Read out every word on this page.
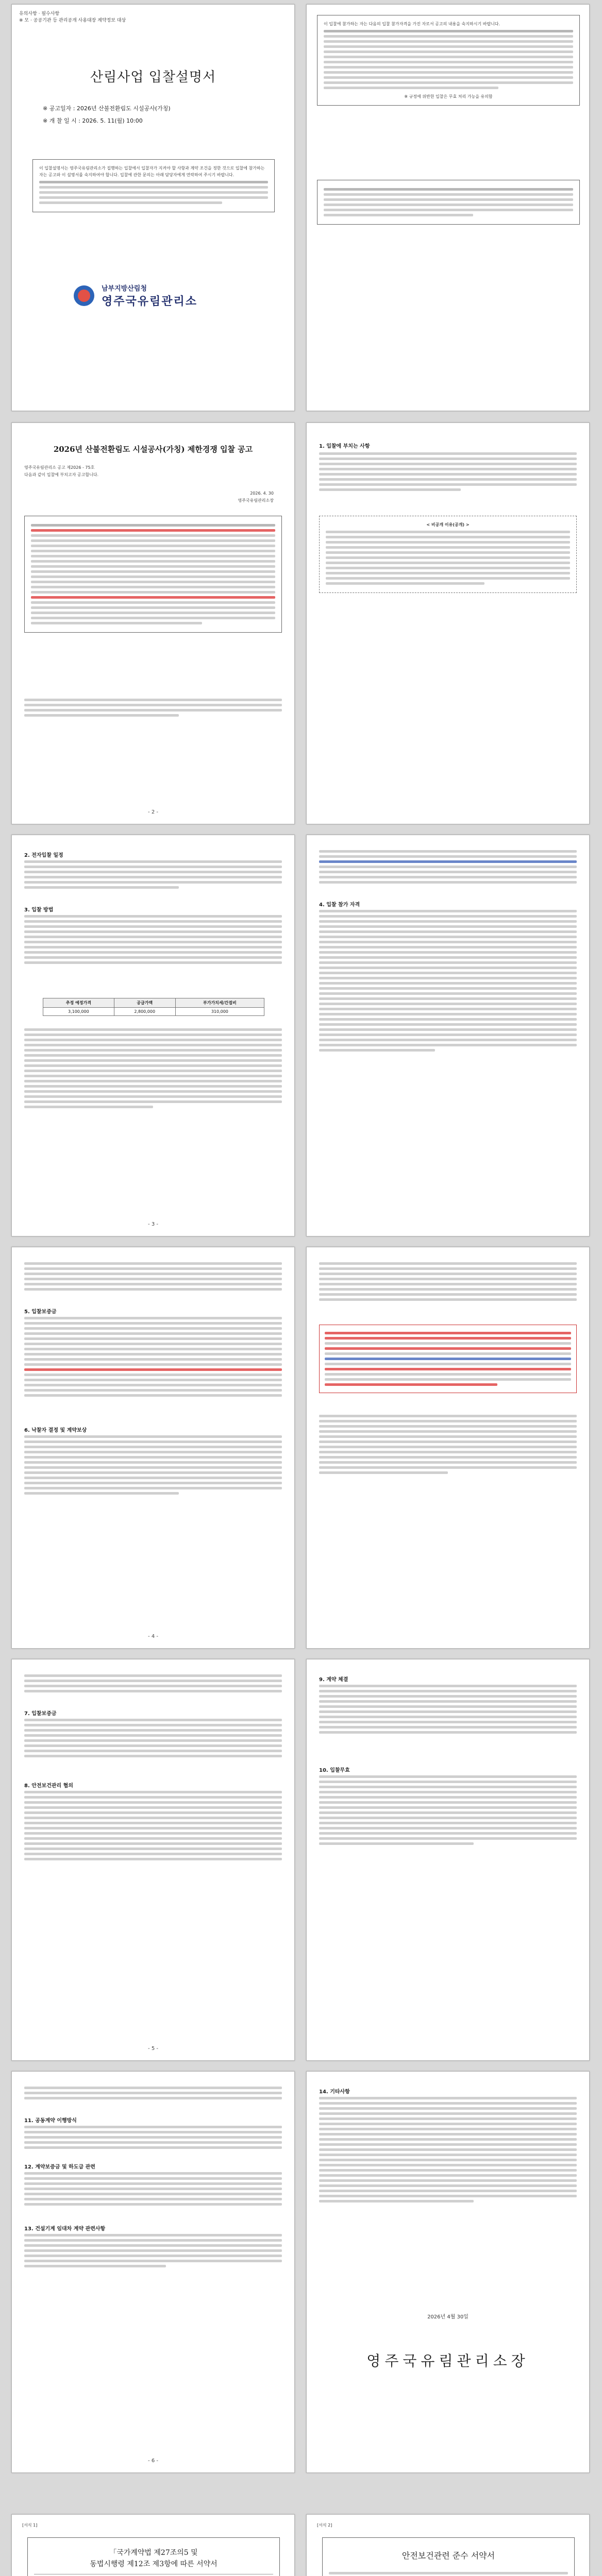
유의사항 · 필수사항
※ 모 · 공공기관 등 관리공개 사용대장 계약정보 대상
산림사업 입찰설명서
※ 공고일자 : 2026년 산불전환림도 시설공사(가칭)
※ 개 찰 일 시 : 2026. 5. 11(월) 10:00
이 입찰설명서는 영주국유림관리소가 집행하는 입찰에서 입찰자가 지켜야 할 사항과 계약 조건을 정한 것으로 입찰에 참가하는 자는 공고와 이 설명서를 숙지하여야 합니다. 입찰에 관한 문의는 아래 담당자에게 연락하여 주시기 바랍니다.
남부지방산림청
영주국유림관리소
이 입찰에 참가하는 자는 다음의 입찰 참가자격을 가진 자로서 공고의 내용을 숙지하시기 바랍니다.
※ 규정에 위반한 입찰은 무효 처리 가능을 유의함
2026년 산불전환림도 시설공사(가칭) 제한경쟁 입찰 공고
영주국유림관리소 공고 제2026 - 75호
다음과 같이 입찰에 부치고자 공고합니다.
2026. 4. 30
영주국유림관리소장
- 2 -
1. 입찰에 부치는 사항
< 비공개 이유(공개) >
2. 전자입찰 일정
3. 입찰 방법
추정 예정가격	공급가액	부가가치세/간접비
3,100,000	2,800,000	310,000
- 3 -
4. 입찰 참가 자격
5. 입찰보증금
6. 낙찰자 결정 및 계약보상
- 4 -
7. 입찰보증금
8. 안전보건관리 협의
- 5 -
9. 계약 체결
10. 입찰무효
11. 공동계약 이행방식
12. 계약보증금 및 하도급 관련
13. 건설기계 임대차 계약 관련사항
- 6 -
14. 기타사항
2026년 4월 30일
영주국유림관리소장
[서식 1]
「국가계약법 제27조의5 및
동법시행령 제12조 제3항에 따른 서약서
[서식 2]
안전보건관련 준수 서약서
